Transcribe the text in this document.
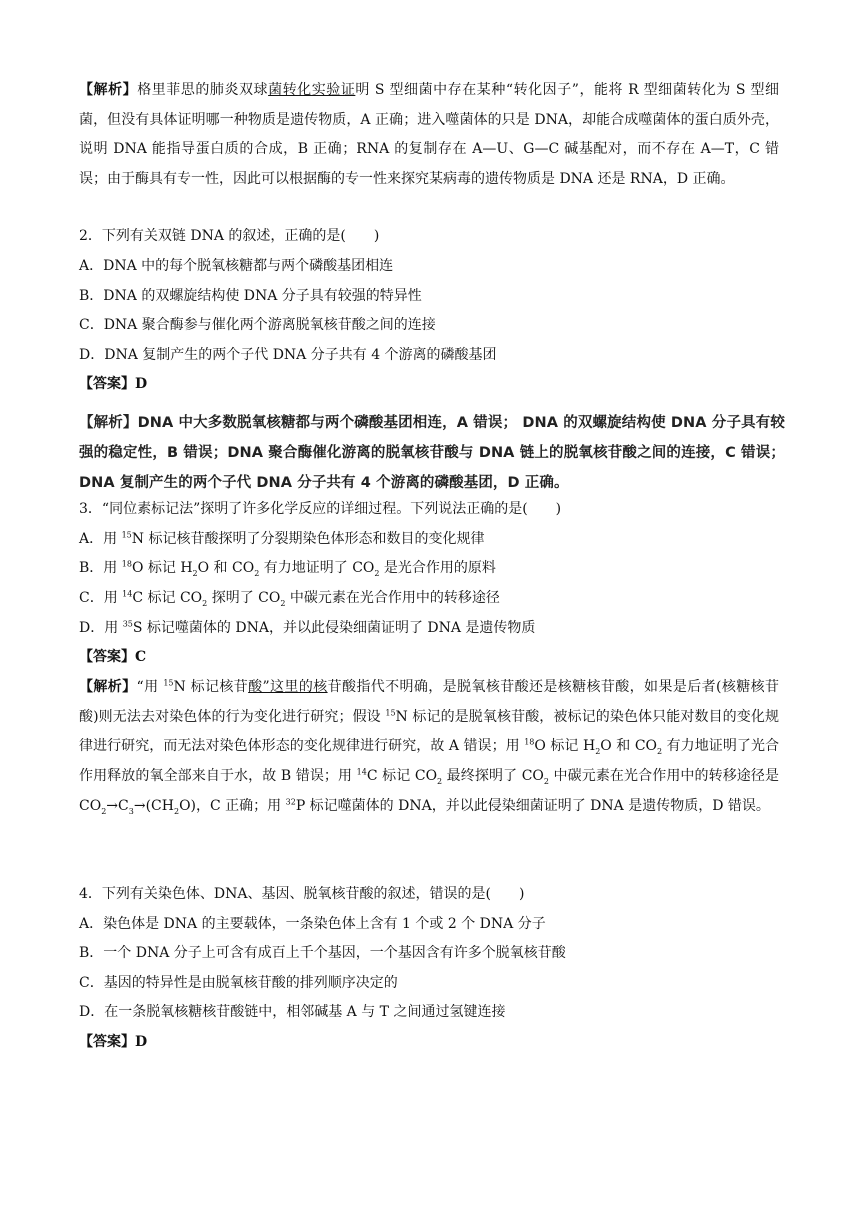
【解析】格里菲思的肺炎双球菌转化实验证明 S 型细菌中存在某种“转化因子”，能将 R 型细菌转化为 S 型细菌，但没有具体证明哪一种物质是遗传物质，A 正确；进入噬菌体的只是 DNA，却能合成噬菌体的蛋白质外壳，说明 DNA 能指导蛋白质的合成，B 正确；RNA 的复制存在 A—U、G—C 碱基配对，而不存在 A—T，C 错误；由于酶具有专一性，因此可以根据酶的专一性来探究某病毒的遗传物质是 DNA 还是 RNA，D 正确。
2．下列有关双链 DNA 的叙述，正确的是(　　)
A．DNA 中的每个脱氧核糖都与两个磷酸基团相连
B．DNA 的双螺旋结构使 DNA 分子具有较强的特异性
C．DNA 聚合酶参与催化两个游离脱氧核苷酸之间的连接
D．DNA 复制产生的两个子代 DNA 分子共有 4 个游离的磷酸基团
【答案】D
【解析】DNA 中大多数脱氧核糖都与两个磷酸基团相连，A 错误； DNA 的双螺旋结构使 DNA 分子具有较强的稳定性，B 错误；DNA 聚合酶催化游离的脱氧核苷酸与 DNA 链上的脱氧核苷酸之间的连接，C 错误；DNA 复制产生的两个子代 DNA 分子共有 4 个游离的磷酸基团，D 正确。
3．“同位素标记法”探明了许多化学反应的详细过程。下列说法正确的是(　　)
A．用 $^{15}$N 标记核苷酸探明了分裂期染色体形态和数目的变化规律
B．用 $^{18}$O 标记 $H_2O$ 和 $CO_2$ 有力地证明了 $CO_2$ 是光合作用的原料
C．用 $^{14}$C 标记 $CO_2$ 探明了 $CO_2$ 中碳元素在光合作用中的转移途径
D．用 $^{35}$S 标记噬菌体的 DNA，并以此侵染细菌证明了 DNA 是遗传物质
【答案】C
【解析】“用 $^{15}$N 标记核苷酸”这里的核苷酸指代不明确，是脱氧核苷酸还是核糖核苷酸，如果是后者(核糖核苷酸)则无法去对染色体的行为变化进行研究；假设 $^{15}$N 标记的是脱氧核苷酸，被标记的染色体只能对数目的变化规律进行研究，而无法对染色体形态的变化规律进行研究，故 A 错误；用 $^{18}$O 标记 $H_2O$ 和 $CO_2$ 有力地证明了光合作用释放的氧全部来自于水，故 B 错误；用 $^{14}$C 标记 $CO_2$ 最终探明了 $CO_2$ 中碳元素在光合作用中的转移途径是 $CO_2\to C_3\to(CH_2O)$，C 正确；用 $^{32}$P 标记噬菌体的 DNA，并以此侵染细菌证明了 DNA 是遗传物质，D 错误。
4．下列有关染色体、DNA、基因、脱氧核苷酸的叙述，错误的是(　　)
A．染色体是 DNA 的主要载体，一条染色体上含有 1 个或 2 个 DNA 分子
B．一个 DNA 分子上可含有成百上千个基因，一个基因含有许多个脱氧核苷酸
C．基因的特异性是由脱氧核苷酸的排列顺序决定的
D．在一条脱氧核糖核苷酸链中，相邻碱基 A 与 T 之间通过氢键连接
【答案】D
